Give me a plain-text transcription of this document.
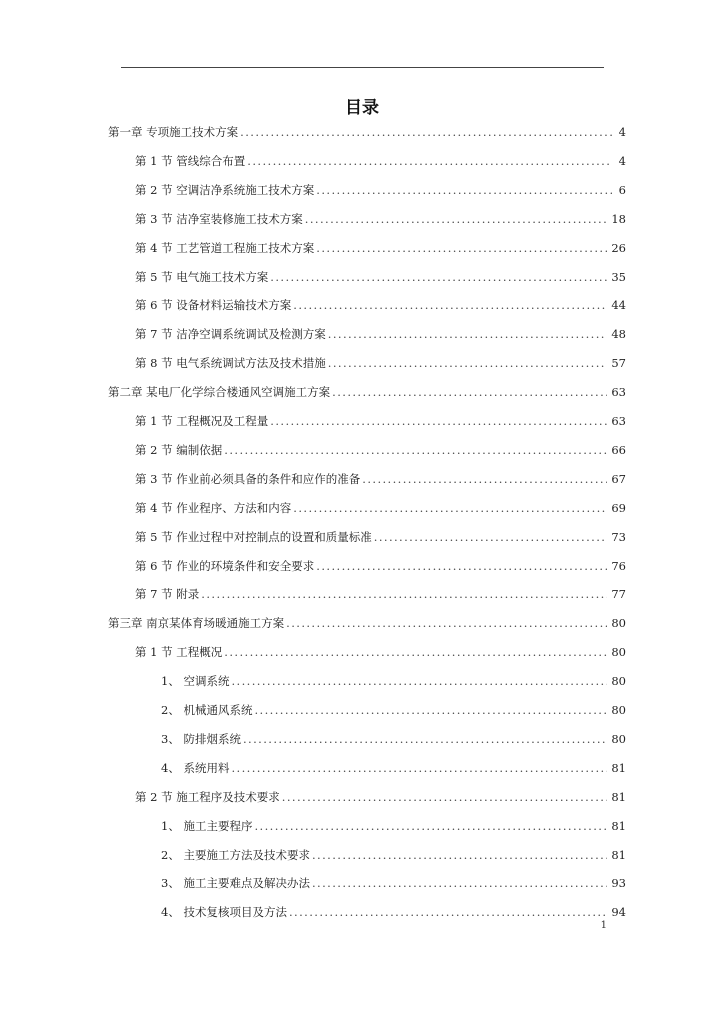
目录
第一章 专项施工技术方案 .....	4
第 1 节 管线综合布置 .....	4
第 2 节 空调洁净系统施工技术方案 .....	6
第 3 节 洁净室装修施工技术方案 .....	18
第 4 节 工艺管道工程施工技术方案 .....	26
第 5 节 电气施工技术方案 .....	35
第 6 节 设备材料运输技术方案 .....	44
第 7 节 洁净空调系统调试及检测方案 .....	48
第 8 节 电气系统调试方法及技术措施 .....	57
第二章 某电厂化学综合楼通风空调施工方案 .....	63
第 1 节 工程概况及工程量 .....	63
第 2 节 编制依据 .....	66
第 3 节 作业前必须具备的条件和应作的准备 .....	67
第 4 节 作业程序、方法和内容 .....	69
第 5 节 作业过程中对控制点的设置和质量标准 .....	73
第 6 节 作业的环境条件和安全要求 .....	76
第 7 节 附录 .....	77
第三章 南京某体育场暖通施工方案 .....	80
第 1 节 工程概况 .....	80
1、 空调系统 .....	80
2、 机械通风系统 .....	80
3、 防排烟系统 .....	80
4、 系统用料 .....	81
第 2 节 施工程序及技术要求 .....	81
1、 施工主要程序 .....	81
2、 主要施工方法及技术要求 .....	81
3、 施工主要难点及解决办法 .....	93
4、 技术复核项目及方法 .....	94
1
